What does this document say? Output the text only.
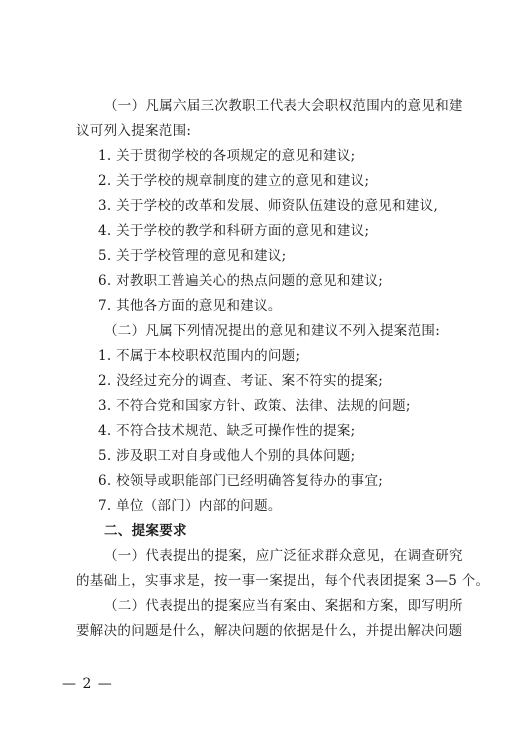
（一）凡属六届三次教职工代表大会职权范围内的意见和建
议可列入提案范围:
1. 关于贯彻学校的各项规定的意见和建议;
2. 关于学校的规章制度的建立的意见和建议;
3. 关于学校的改革和发展、师资队伍建设的意见和建议,
4. 关于学校的教学和科研方面的意见和建议;
5. 关于学校管理的意见和建议;
6. 对教职工普遍关心的热点问题的意见和建议;
7. 其他各方面的意见和建议。
（二）凡属下列情况提出的意见和建议不列入提案范围:
1. 不属于本校职权范围内的问题;
2. 没经过充分的调查、考证、案不符实的提案;
3. 不符合党和国家方针、政策、法律、法规的问题;
4. 不符合技术规范、缺乏可操作性的提案;
5. 涉及职工对自身或他人个别的具体问题;
6. 校领导或职能部门已经明确答复待办的事宜;
7. 单位（部门）内部的问题。
二、提案要求
（一）代表提出的提案，应广泛征求群众意见，在调查研究
的基础上，实事求是，按一事一案提出，每个代表团提案 3—5 个。
（二）代表提出的提案应当有案由、案据和方案，即写明所
要解决的问题是什么，解决问题的依据是什么，并提出解决问题
— 2 —
